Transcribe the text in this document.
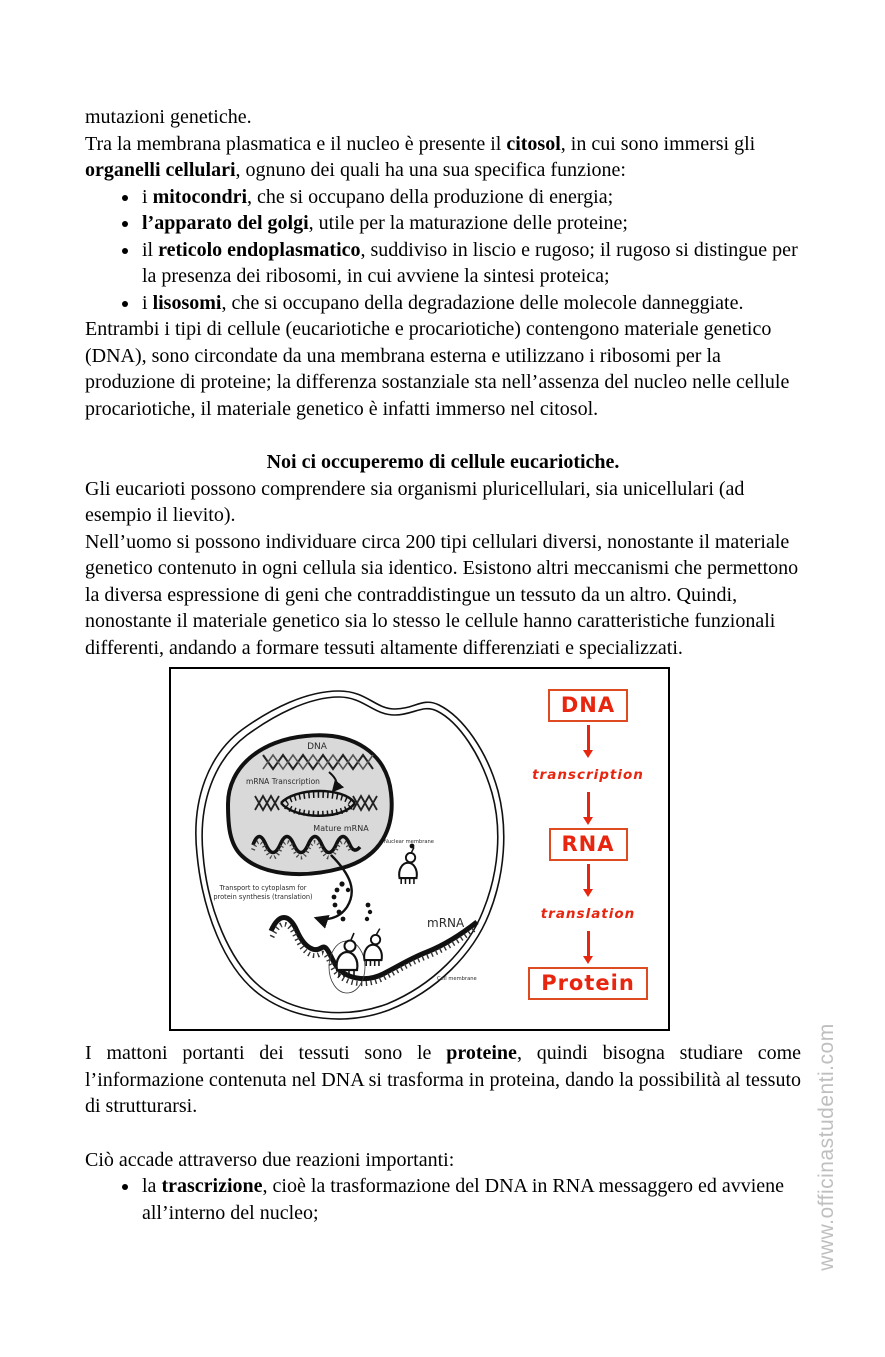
mutazioni genetiche.

Tra la membrana plasmatica e il nucleo è presente il citosol, in cui sono immersi gli organelli cellulari, ognuno dei quali ha una sua specifica funzione:

• i mitocondri, che si occupano della produzione di energia;
• l’apparato del golgi, utile per la maturazione delle proteine;
• il reticolo endoplasmatico, suddiviso in liscio e rugoso; il rugoso si distingue per la presenza dei ribosomi, in cui avviene la sintesi proteica;
• i lisosomi, che si occupano della degradazione delle molecole danneggiate.

Entrambi i tipi di cellule (eucariotiche e procariotiche) contengono materiale genetico (DNA), sono circondate da una membrana esterna e utilizzano i ribosomi per la produzione di proteine; la differenza sostanziale sta nell’assenza del nucleo nelle cellule procariotiche, il materiale genetico è infatti immerso nel citosol.

Noi ci occuperemo di cellule eucariotiche.

Gli eucarioti possono comprendere sia organismi pluricellulari, sia unicellulari (ad esempio il lievito).

Nell’uomo si possono individuare circa 200 tipi cellulari diversi, nonostante il materiale genetico contenuto in ogni cellula sia identico. Esistono altri meccanismi che permettono la diversa espressione di geni che contraddistingue un tessuto da un altro. Quindi, nonostante il materiale genetico sia lo stesso le cellule hanno caratteristiche funzionali differenti, andando a formare tessuti altamente differenziati e specializzati.

DNA
mRNA Transcription
Mature mRNA
Nuclear membrane
Transport to cytoplasm for
protein synthesis (translation)
mRNA
Cell membrane
DNA
transcription
RNA
translation
Protein

I mattoni portanti dei tessuti sono le proteine, quindi bisogna studiare come l’informazione contenuta nel DNA si trasforma in proteina, dando la possibilità al tessuto di strutturarsi.

Ciò accade attraverso due reazioni importanti:

• la trascrizione, cioè la trasformazione del DNA in RNA messaggero ed avviene all’interno del nucleo;	www.officinastudenti.com
